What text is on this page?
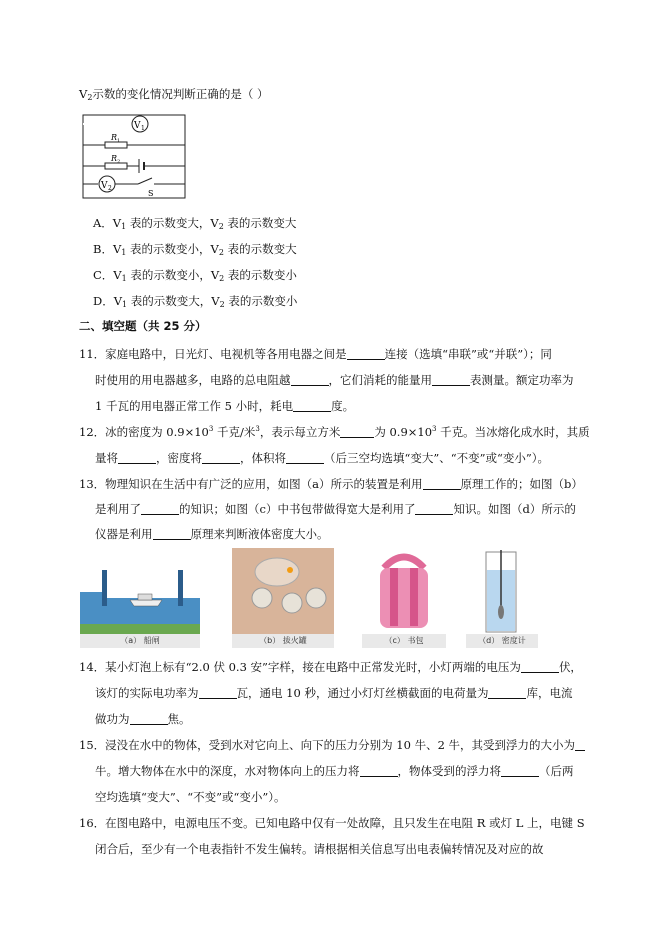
$V_2$示数的变化情况判断正确的是（ ）
V 1
R 1
R 2
V 2
S
A．$V_1$ 表的示数变大，$V_2$ 表的示数变大
B．$V_1$ 表的示数变小，$V_2$ 表的示数变大
C．$V_1$ 表的示数变小，$V_2$ 表的示数变小
D．$V_1$ 表的示数变大，$V_2$ 表的示数变小
二、填空题（共 25 分）
11．家庭电路中，日光灯、电视机等各用电器之间是	连接（选填“串联”或“并联”）；同
时使用的用电器越多，电路的总电阻越	，它们消耗的能量用	表测量。额定功率为
1 千瓦的用电器正常工作 5 小时，耗电	度。
12．冰的密度为 $0.9\times 10^3$ 千克/米$^3$，表示每立方米	为 $0.9\times 10^3$ 千克。当冰熔化成水时，其质
量将	，密度将	，体积将	（后三空均选填“变大”、“不变”或“变小”）。
13．物理知识在生活中有广泛的应用，如图（a）所示的装置是利用	原理工作的；如图（b）
是利用了	的知识；如图（c）中书包带做得宽大是利用了	知识。如图（d）所示的
仪器是利用	原理来判断液体密度大小。
（a） 船闸	（b） 拔火罐	（c） 书包	（d） 密度计
14．某小灯泡上标有“2.0 伏 0.3 安”字样，接在电路中正常发光时，小灯两端的电压为	伏，
该灯的实际电功率为	瓦，通电 10 秒，通过小灯灯丝横截面的电荷量为	库，电流
做功为	焦。
15．浸没在水中的物体，受到水对它向上、向下的压力分别为 10 牛、2 牛，其受到浮力的大小为
牛。增大物体在水中的深度，水对物体向上的压力将	，物体受到的浮力将	（后两
空均选填“变大”、“不变”或“变小”）。
16．在图电路中，电源电压不变。已知电路中仅有一处故障，且只发生在电阻 R 或灯 L 上，电键 S
闭合后，至少有一个电表指针不发生偏转。请根据相关信息写出电表偏转情况及对应的故
